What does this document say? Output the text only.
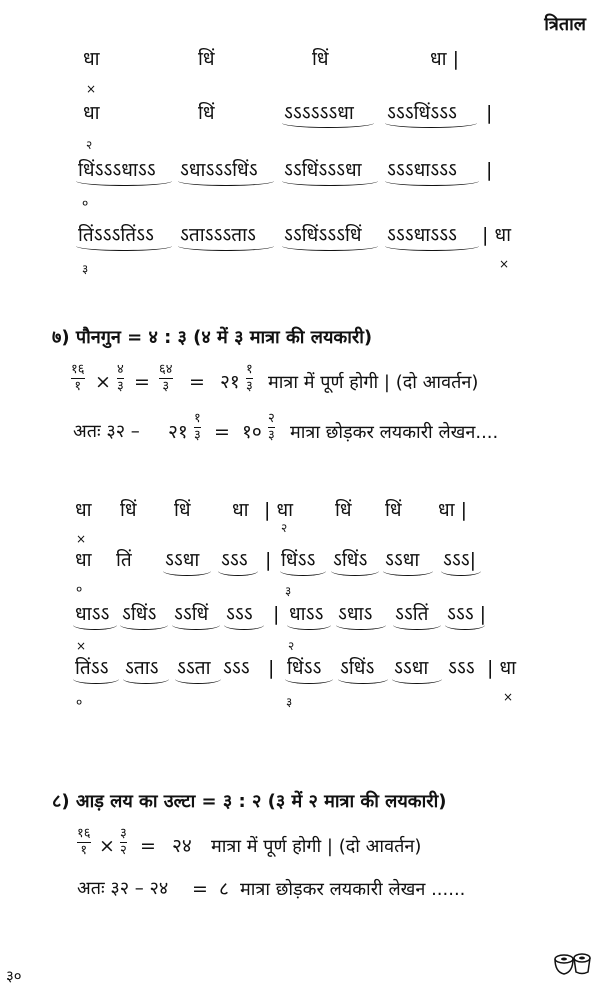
त्रिताल
धा	धिं	धिं	धा |
×
धा	धिं	ऽऽऽऽऽऽधा ऽऽऽधिंऽऽऽ |
२
धिंऽऽऽधाऽऽ ऽधाऽऽऽधिंऽ ऽऽधिंऽऽऽधा ऽऽऽधाऽऽऽ |
०
तिंऽऽऽतिंऽऽ ऽताऽऽऽताऽ ऽऽधिंऽऽऽधिं ऽऽऽधाऽऽऽ | धा
३	×
७) पौनगुन = ४ : ३ (४ में ३ मात्रा की लयकारी)
१६
१ ×
४
३ =
६४
३ = २१
१
३ मात्रा में पूर्ण होगी | (दो आवर्तन)
अतः ३२ – २१
१
३ = १०
२
३ मात्रा छोड़कर लयकारी लेखन....
धा धिं धिं धा | धा धिं धिं धा |
×
२
धा तिं ऽऽधा ऽऽऽ | धिंऽऽ ऽधिंऽ ऽऽधा ऽऽऽ|
०	३
धाऽऽ ऽधिंऽ ऽऽधिं ऽऽऽ | धाऽऽ ऽधाऽ ऽऽतिं ऽऽऽ |
×	२
तिंऽऽ ऽताऽ ऽऽता ऽऽऽ | धिंऽऽ ऽधिंऽ ऽऽधा ऽऽऽ | धा
०	३	×
८) आड़ लय का उल्टा = ३ : २ (३ में २ मात्रा की लयकारी)
१६
१ ×
३
२ = २४ मात्रा में पूर्ण होगी | (दो आवर्तन)
अतः ३२ – २४ = ८ मात्रा छोड़कर लयकारी लेखन ......
३०
